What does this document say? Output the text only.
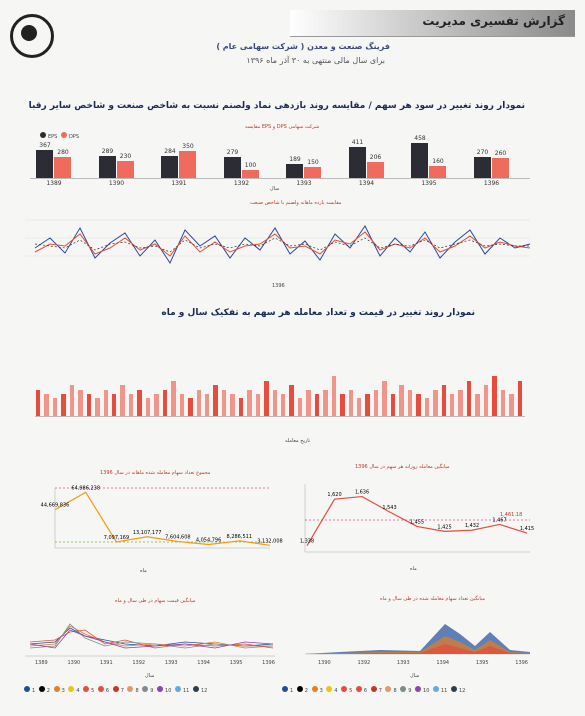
گزارش تفسیری مدیریت
فرینگ صنعت و معدن ( شرکت سهامی عام )
برای سال مالی منتهی به ۳۰ آذر ماه ۱۳۹۶
نمودار روند تغییر در سود هر سهم / مقایسه روند بازدهی نماد ولصنم نسبت به شاخص صنعت و شاخص سایر رقبا
مقایسه EPS و DPS شرکت سهامی
EPS DPS
367
280
1389
289
230
1390
284
350
1391
279
100
1392
189	150
1393
411
206
1394
458
160
1395
270	260
1396
سال
مقایسه بازده ماهانه ولصنم با شاخص صنعت
1396
نمودار روند تغییر در قیمت و تعداد معامله هر سهم به تفکیک سال و ماه
تاریخ معامله
مجموع تعداد سهام معامله شده ماهانه در سال 1396
44,669,836
64,986,238
7,097,169
13,107,177
7,604,608
4,054,796
8,286,511
3,132,008
ماه
میانگین معامله روزانه هر سهم در سال 1396
1,338
1,620	1,636
1,543
1,455
1,425	1,432
1,467
1,415
1,461.18
ماه
میانگین قیمت سهام در طی سال و ماه
1389	1390	1391	1392	1393	1394	1395	1396
سال
میانگین تعداد سهام معامله شده در طی سال و ماه
1390	1392	1393	1394	1395	1396
سال
1 2 3 4 5 6 7 8 9 10 11 12	1 2 3 4 5 6 7 8 9 10 11 12
